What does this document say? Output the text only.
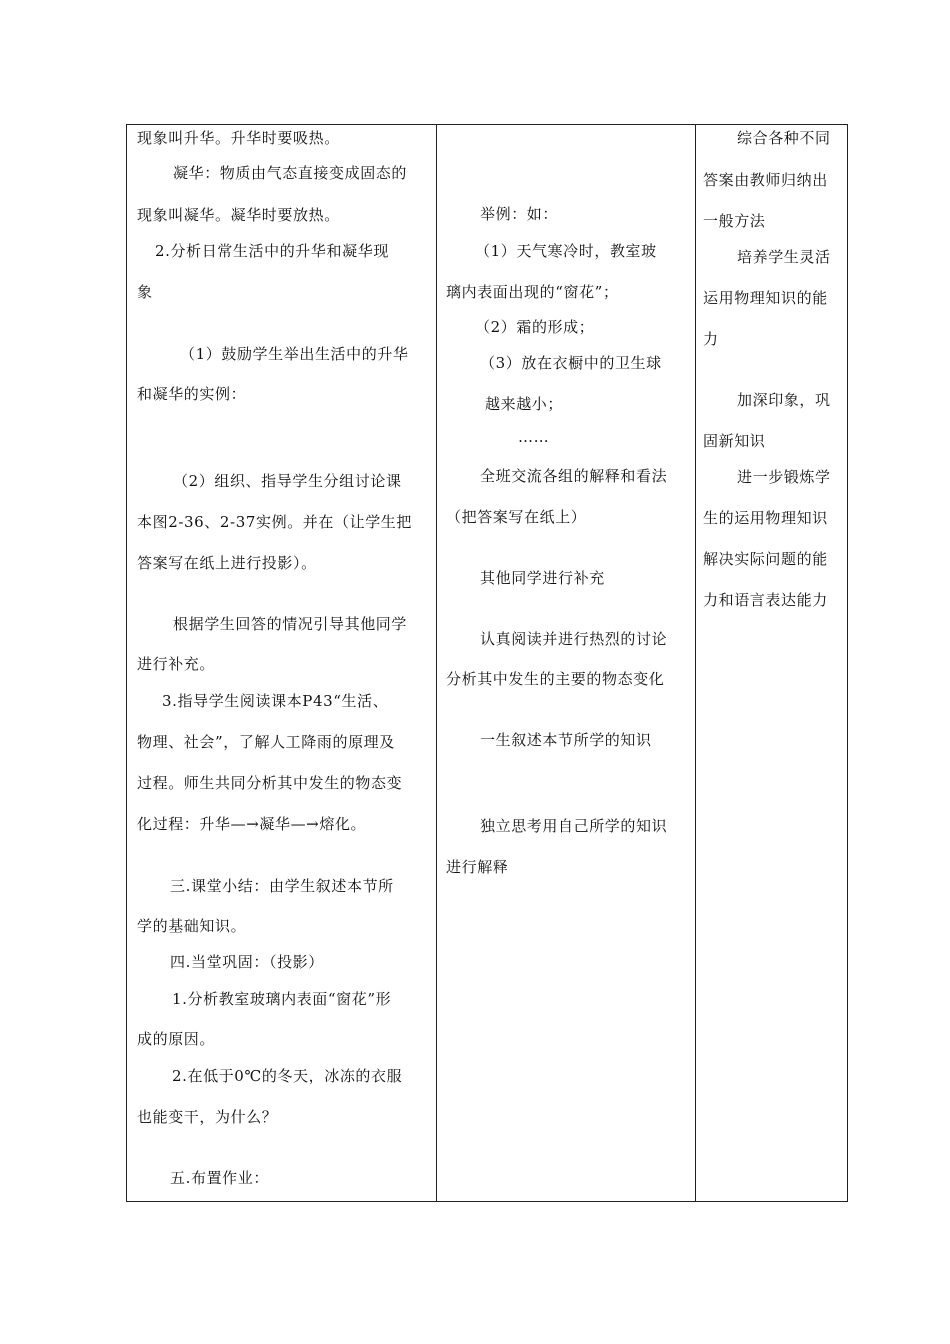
现象叫升华。升华时要吸热。
凝华：物质由气态直接变成固态的
现象叫凝华。凝华时要放热。
2.分析日常生活中的升华和凝华现
象
（1）鼓励学生举出生活中的升华
和凝华的实例：
（2）组织、指导学生分组讨论课
本图2-36、2-37实例。并在（让学生把
答案写在纸上进行投影）。
根据学生回答的情况引导其他同学
进行补充。
3.指导学生阅读课本P43“生活、
物理、社会”，了解人工降雨的原理及
过程。师生共同分析其中发生的物态变
化过程：升华—→凝华—→熔化。
三.课堂小结：由学生叙述本节所
学的基础知识。
四.当堂巩固：（投影）
1.分析教室玻璃内表面“窗花”形
成的原因。
2.在低于0℃的冬天，冰冻的衣服
也能变干，为什么？
五.布置作业：
举例：如：
（1）天气寒冷时，教室玻
璃内表面出现的“窗花”；
（2）霜的形成；
（3）放在衣橱中的卫生球
越来越小；
……
全班交流各组的解释和看法
（把答案写在纸上）
其他同学进行补充
认真阅读并进行热烈的讨论
分析其中发生的主要的物态变化
一生叙述本节所学的知识
独立思考用自己所学的知识
进行解释
综合各种不同
答案由教师归纳出
一般方法
培养学生灵活
运用物理知识的能
力
加深印象，巩
固新知识
进一步锻炼学
生的运用物理知识
解决实际问题的能
力和语言表达能力
